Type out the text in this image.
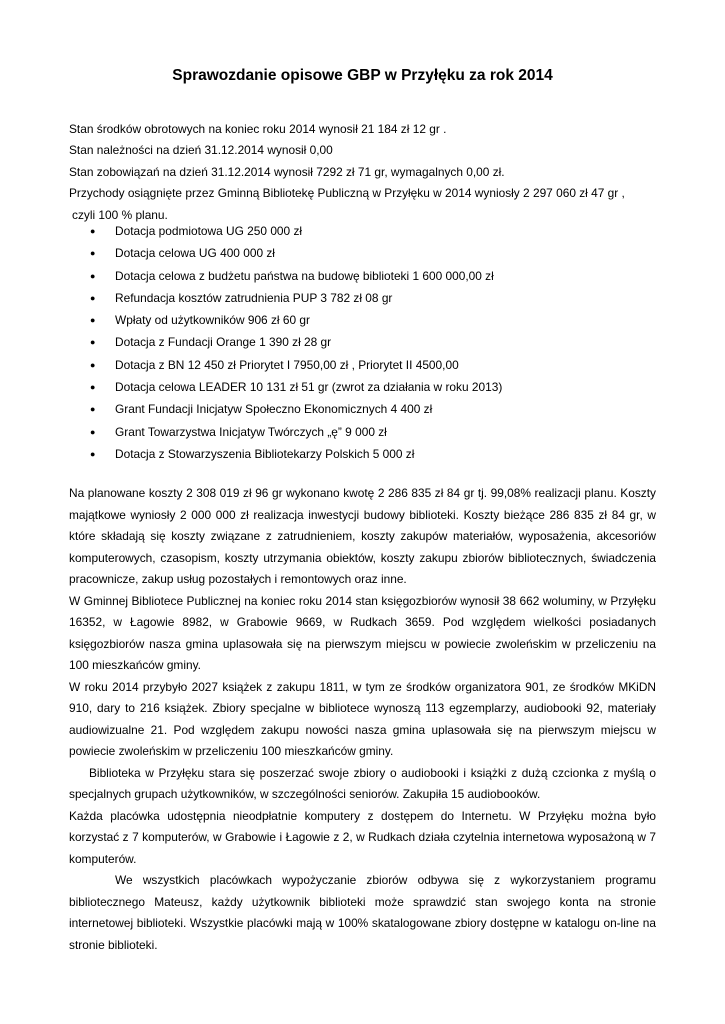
Sprawozdanie opisowe GBP w Przyłęku za rok 2014

Stan środków obrotowych na koniec roku 2014 wynosił 21 184 zł 12 gr .

Stan należności na dzień 31.12.2014 wynosił 0,00

Stan zobowiązań na dzień 31.12.2014 wynosił 7292 zł 71 gr, wymagalnych 0,00 zł.

Przychody osiągnięte przez Gminną Bibliotekę Publiczną w Przyłęku w 2014 wyniosły 2 297 060 zł 47 gr ,

czyli 100 % planu.

● Dotacja podmiotowa UG 250 000 zł
● Dotacja celowa UG 400 000 zł
● Dotacja celowa z budżetu państwa na budowę biblioteki 1 600 000,00 zł
● Refundacja kosztów zatrudnienia PUP 3 782 zł 08 gr
● Wpłaty od użytkowników 906 zł 60 gr
● Dotacja z Fundacji Orange 1 390 zł 28 gr
● Dotacja z BN 12 450 zł Priorytet I 7950,00 zł , Priorytet II 4500,00
● Dotacja celowa LEADER 10 131 zł 51 gr (zwrot za działania w roku 2013)
● Grant Fundacji Inicjatyw Społeczno Ekonomicznych 4 400 zł
● Grant Towarzystwa Inicjatyw Twórczych „ę” 9 000 zł
● Dotacja z Stowarzyszenia Bibliotekarzy Polskich 5 000 zł

Na planowane koszty 2 308 019 zł 96 gr wykonano kwotę 2 286 835 zł 84 gr tj. 99,08% realizacji planu. Koszty majątkowe wyniosły 2 000 000 zł realizacja inwestycji budowy biblioteki. Koszty bieżące 286 835 zł 84 gr, w które składają się koszty związane z zatrudnieniem, koszty zakupów materiałów, wyposażenia, akcesoriów komputerowych, czasopism, koszty utrzymania obiektów, koszty zakupu zbiorów bibliotecznych, świadczenia pracownicze, zakup usług pozostałych i remontowych oraz inne.

W Gminnej Bibliotece Publicznej na koniec roku 2014 stan księgozbiorów wynosił 38 662 woluminy, w Przyłęku 16352, w Łagowie 8982, w Grabowie 9669, w Rudkach 3659. Pod względem wielkości posiadanych księgozbiorów nasza gmina uplasowała się na pierwszym miejscu w powiecie zwoleńskim w przeliczeniu na 100 mieszkańców gminy.

W roku 2014 przybyło 2027 książek z zakupu 1811, w tym ze środków organizatora 901, ze środków MKiDN 910, dary to 216 książek. Zbiory specjalne w bibliotece wynoszą 113 egzemplarzy, audiobooki 92, materiały audiowizualne 21. Pod względem zakupu nowości nasza gmina uplasowała się na pierwszym miejscu w powiecie zwoleńskim w przeliczeniu 100 mieszkańców gminy.

Biblioteka w Przyłęku stara się poszerzać swoje zbiory o audiobooki i książki z dużą czcionka z myślą o specjalnych grupach użytkowników, w szczególności seniorów. Zakupiła 15 audiobooków.

Każda placówka udostępnia nieodpłatnie komputery z dostępem do Internetu. W Przyłęku można było korzystać z 7 komputerów, w Grabowie i Łagowie z 2, w Rudkach działa czytelnia internetowa wyposażoną w 7 komputerów.

We wszystkich placówkach wypożyczanie zbiorów odbywa się z wykorzystaniem programu bibliotecznego Mateusz, każdy użytkownik biblioteki może sprawdzić stan swojego konta na stronie internetowej biblioteki. Wszystkie placówki mają w 100% skatalogowane zbiory dostępne w katalogu on-line na stronie biblioteki.
